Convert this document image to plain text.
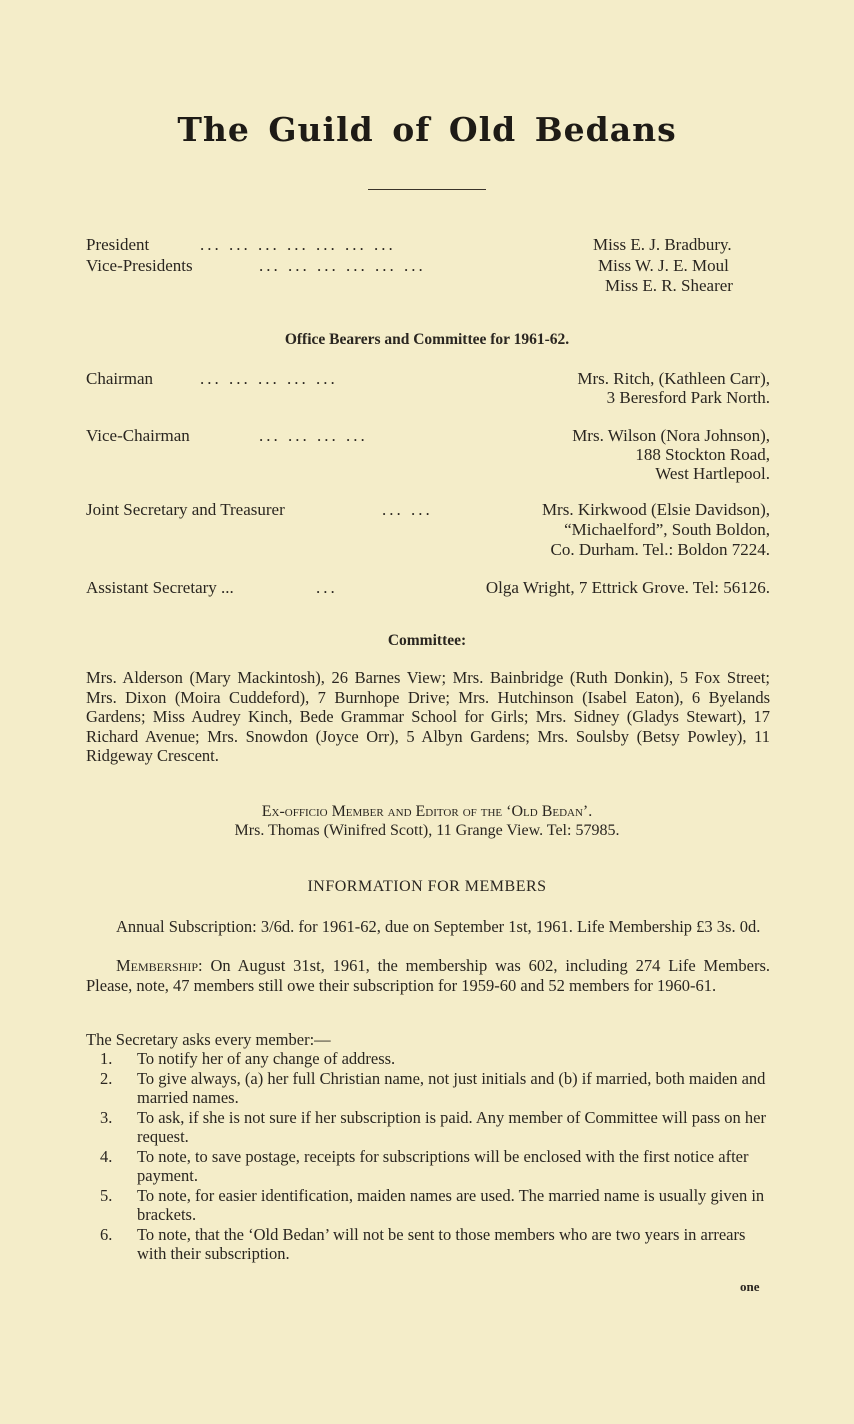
The Guild of Old Bedans
President	... ... ... ... ... ... ...	Miss E. J. Bradbury.
Vice-Presidents	... ... ... ... ... ...	Miss W. J. E. Moul
Miss E. R. Shearer
Office Bearers and Committee for 1961-62.
Chairman	... ... ... ... ...	Mrs. Ritch, (Kathleen Carr),
3 Beresford Park North.
Vice-Chairman	... ... ... ...	Mrs. Wilson (Nora Johnson),
188 Stockton Road,
West Hartlepool.
Joint Secretary and Treasurer	... ...	Mrs. Kirkwood (Elsie Davidson),
“Michaelford”, South Boldon,
Co. Durham. Tel.: Boldon 7224.
Assistant Secretary ...	...	Olga Wright, 7 Ettrick Grove. Tel: 56126.
Committee:
Mrs. Alderson (Mary Mackintosh), 26 Barnes View; Mrs. Bainbridge (Ruth Donkin), 5 Fox Street; Mrs. Dixon (Moira Cuddeford), 7 Burnhope Drive; Mrs. Hutchinson (Isabel Eaton), 6 Byelands Gardens; Miss Audrey Kinch, Bede Grammar School for Girls; Mrs. Sidney (Gladys Stewart), 17 Richard Avenue; Mrs. Snowdon (Joyce Orr), 5 Albyn Gardens; Mrs. Soulsby (Betsy Powley), 11 Ridgeway Crescent.
Ex-officio Member and Editor of the ‘Old Bedan’.
Mrs. Thomas (Winifred Scott), 11 Grange View. Tel: 57985.
INFORMATION FOR MEMBERS
Annual Subscription: 3/6d. for 1961-62, due on September 1st, 1961. Life Membership £3 3s. 0d.
Membership: On August 31st, 1961, the membership was 602, including 274 Life Members. Please, note, 47 members still owe their subscription for 1959-60 and 52 members for 1960-61.
The Secretary asks every member:—
1. To notify her of any change of address.
2. To give always, (a) her full Christian name, not just initials and (b) if married, both maiden and married names.
3. To ask, if she is not sure if her subscription is paid. Any member of Committee will pass on her request.
4. To note, to save postage, receipts for subscriptions will be enclosed with the first notice after payment.
5. To note, for easier identification, maiden names are used. The married name is usually given in brackets.
6. To note, that the ‘Old Bedan’ will not be sent to those members who are two years in arrears with their subscription.
one
